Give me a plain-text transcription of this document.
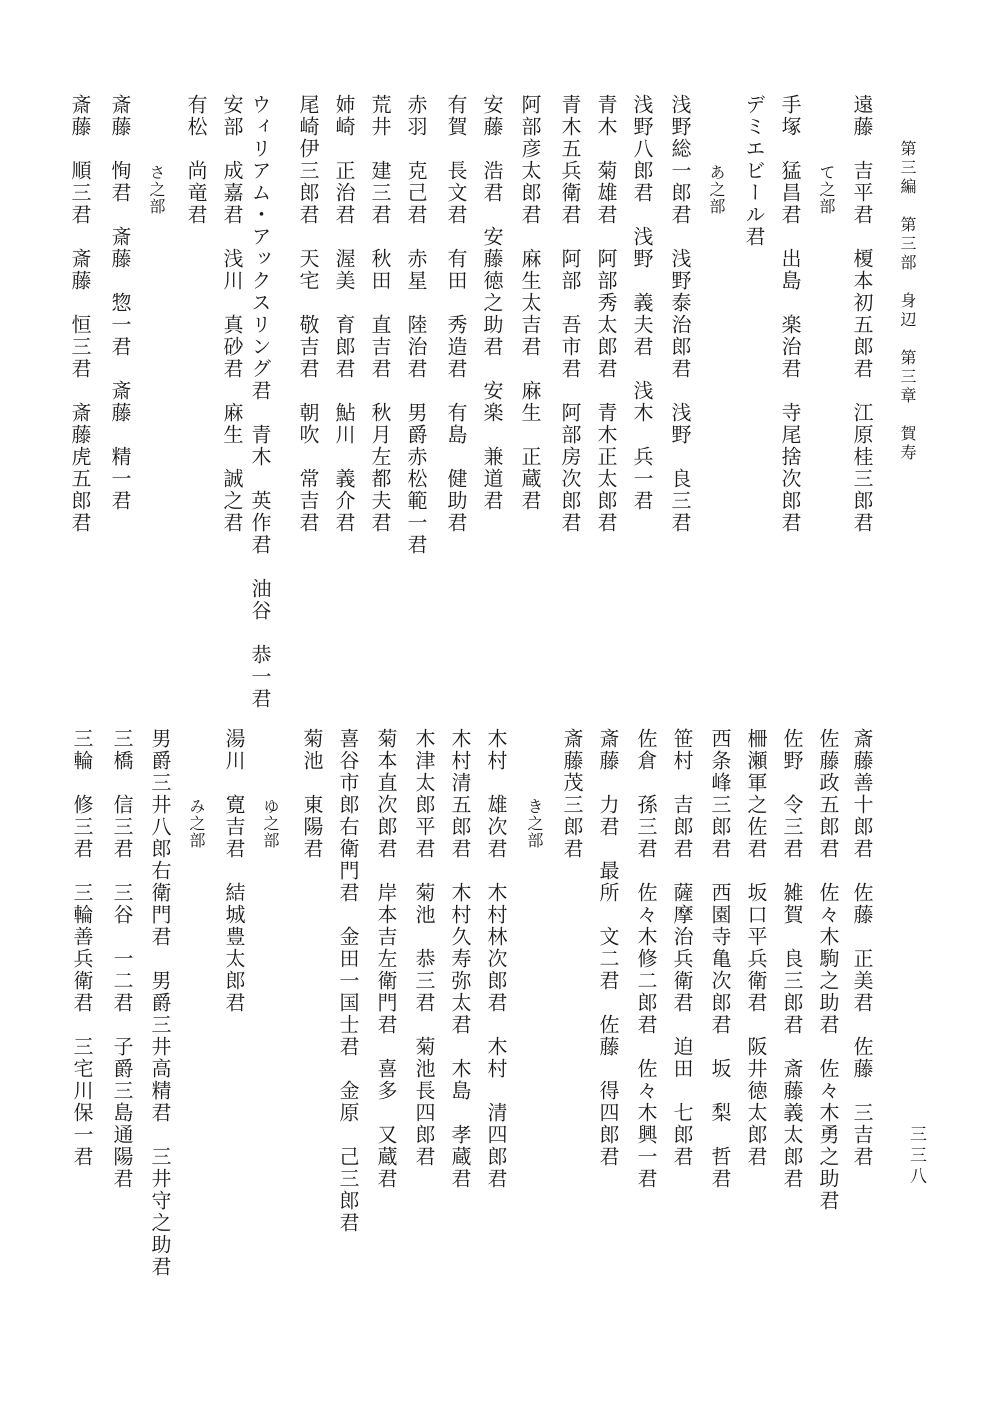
第三編　第三部　身辺　第三章　賀寿
三三八
遠藤　吉平君　榎本初五郎君　江原桂三郎君
て之部
手塚　猛昌君　出島　楽治君　寺尾捨次郎君
デミエビール君
あ之部
浅野総一郎君　浅野泰治郎君　浅野　良三君
浅野八郎君　浅野　義夫君　浅木　兵一君
青木　菊雄君　阿部秀太郎君　青木正太郎君
青木五兵衛君　阿部　吾市君　阿部房次郎君
阿部彦太郎君　麻生太吉君　麻生　正蔵君
安藤　浩君　安藤徳之助君　安楽　兼道君
有賀　長文君　有田　秀造君　有島　健助君
赤羽　克己君　赤星　陸治君　男爵赤松範一君
荒井　建三君　秋田　直吉君　秋月左都夫君
姉崎　正治君　渥美　育郎君　鮎川　義介君
尾崎伊三郎君　天宅　敬吉君　朝吹　常吉君
ウィリアム・アックスリング君　青木　英作君　油谷　恭一君
安部　成嘉君　浅川　真砂君　麻生　誠之君
有松　尚竜君
さ之部
斎藤　恂君　斎藤　惣一君　斎藤　精一君
斎藤　順三君　斎藤　恒三君　斎藤虎五郎君
斎藤善十郎君　佐藤　正美君　佐藤　三吉君
佐藤政五郎君　佐々木駒之助君　佐々木勇之助君
佐野　令三君　雑賀　良三郎君　斎藤義太郎君
柵瀬軍之佐君　坂口平兵衛君　阪井徳太郎君
西条峰三郎君　西園寺亀次郎君　坂　梨　哲君
笹村　吉郎君　薩摩治兵衛君　迫田　七郎君
佐倉　孫三君　佐々木修二郎君　佐々木興一君
斎藤　力君　最所　文二君　佐藤　得四郎君
斎藤茂三郎君
き之部
木村　雄次君　木村林次郎君　木村　清四郎君
木村清五郎君　木村久寿弥太君　木島　孝蔵君
木津太郎平君　菊池　恭三君　菊池長四郎君
菊本直次郎君　岸本吉左衛門君　喜多　又蔵君
喜谷市郎右衛門君　金田一国士君　金原　己三郎君
菊池　東陽君
ゆ之部
湯川　寛吉君　結城豊太郎君
み之部
男爵三井八郎右衛門君　男爵三井高精君　三井守之助君
三橋　信三君　三谷　一二君　子爵三島通陽君
三輪　修三君　三輪善兵衛君　三宅川保一君
